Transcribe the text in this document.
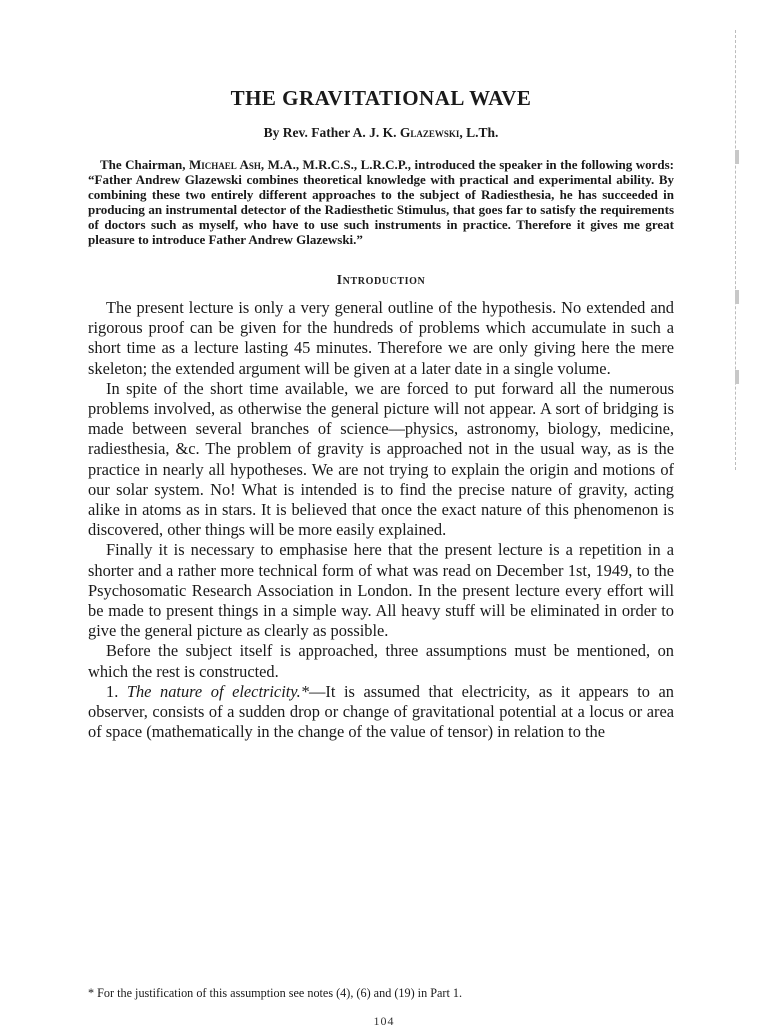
THE GRAVITATIONAL WAVE

By Rev. Father A. J. K. Glazewski, L.Th.

The Chairman, Michael Ash, M.A., M.R.C.S., L.R.C.P., introduced the speaker in the following words: “Father Andrew Glazewski combines theoretical knowledge with practical and experimental ability. By combining these two entirely different approaches to the subject of Radiesthesia, he has succeeded in producing an instrumental detector of the Radiesthetic Stimulus, that goes far to satisfy the requirements of doctors such as myself, who have to use such instruments in practice. Therefore it gives me great pleasure to introduce Father Andrew Glazewski.”

Introduction

The present lecture is only a very general outline of the hypothesis. No extended and rigorous proof can be given for the hundreds of problems which accumulate in such a short time as a lecture lasting 45 minutes. Therefore we are only giving here the mere skeleton; the extended argument will be given at a later date in a single volume.

In spite of the short time available, we are forced to put forward all the numerous problems involved, as otherwise the general picture will not appear. A sort of bridging is made between several branches of science—physics, astronomy, biology, medicine, radiesthesia, &c. The problem of gravity is approached not in the usual way, as is the practice in nearly all hypotheses. We are not trying to explain the origin and motions of our solar system. No! What is intended is to find the precise nature of gravity, acting alike in atoms as in stars. It is believed that once the exact nature of this phenomenon is discovered, other things will be more easily explained.

Finally it is necessary to emphasise here that the present lecture is a repetition in a shorter and a rather more technical form of what was read on December 1st, 1949, to the Psychosomatic Research Association in London. In the present lecture every effort will be made to present things in a simple way. All heavy stuff will be eliminated in order to give the general picture as clearly as possible.

Before the subject itself is approached, three assumptions must be mentioned, on which the rest is constructed.

1. The nature of electricity.*—It is assumed that electricity, as it appears to an observer, consists of a sudden drop or change of gravitational potential at a locus or area of space (mathematically in the change of the value of tensor) in relation to the

* For the justification of this assumption see notes (4), (6) and (19) in Part 1.
104
